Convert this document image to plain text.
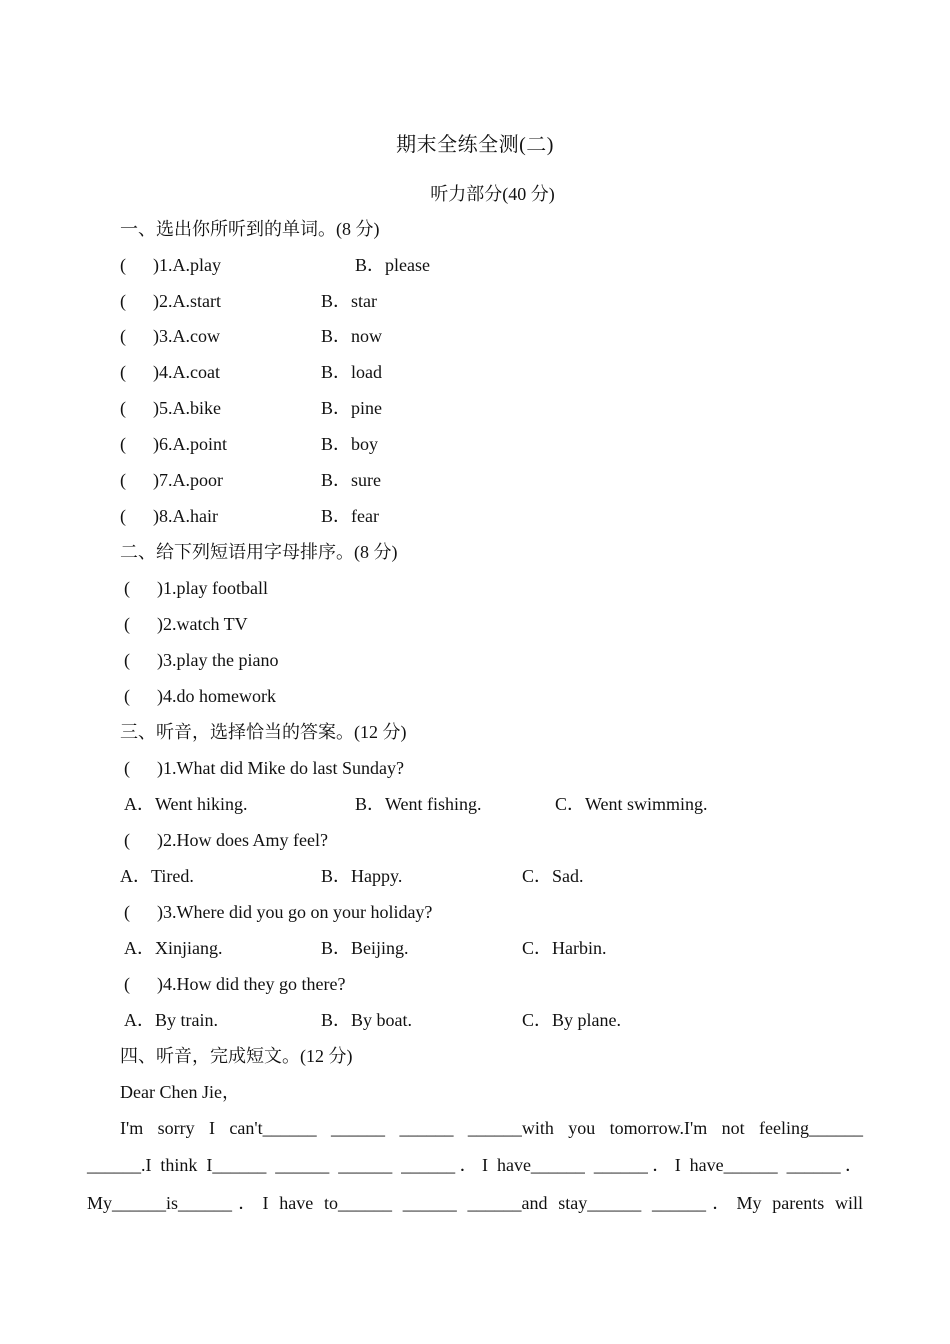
期末全练全测(二)
听力部分(40 分)
一、选出你所听到的单词。(8 分)
(      )1.A.play	B．please
(      )2.A.start	B．star
(      )3.A.cow	B．now
(      )4.A.coat	B．load
(      )5.A.bike	B．pine
(      )6.A.point	B．boy
(      )7.A.poor	B．sure
(      )8.A.hair	B．fear
二、给下列短语用字母排序。(8 分)
(      )1.play football
(      )2.watch TV
(      )3.play the piano
(      )4.do homework
三、听音，选择恰当的答案。(12 分)
(      )1.What did Mike do last Sunday?
A．Went hiking.	B．Went fishing.	C．Went swimming.
(      )2.How does Amy feel?
A．Tired.	B．Happy.	C．Sad.
(      )3.Where did you go on your holiday?
A．Xinjiang.	B．Beijing.	C．Harbin.
(      )4.How did they go there?
A．By train.	B．By boat.	C．By plane.
四、听音，完成短文。(12 分)
Dear Chen Jie，
I'm sorry I can't______ ______ ______ ______with you tomorrow.I'm not feeling______
______.I think I______ ______ ______ ______．I have______ ______．I have______ ______．
My______is______．I have to______ ______ ______and stay______ ______．My parents will
